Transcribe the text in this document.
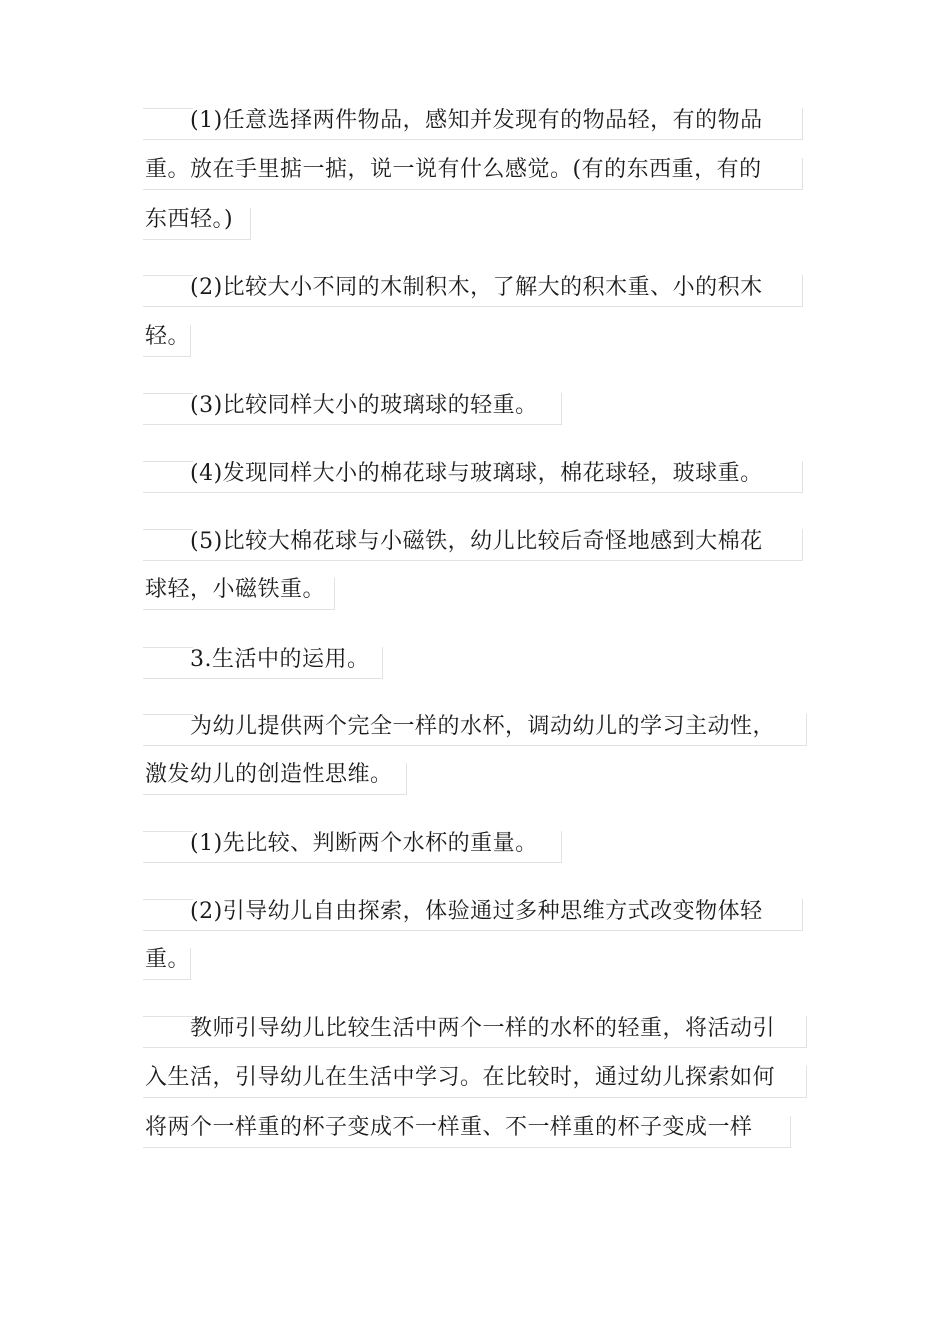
　　(1)任意选择两件物品，感知并发现有的物品轻，有的物品
重。放在手里掂一掂，说一说有什么感觉。(有的东西重，有的
东西轻。)
　　(2)比较大小不同的木制积木，了解大的积木重、小的积木
轻。
　　(3)比较同样大小的玻璃球的轻重。
　　(4)发现同样大小的棉花球与玻璃球，棉花球轻，玻球重。
　　(5)比较大棉花球与小磁铁，幼儿比较后奇怪地感到大棉花
球轻，小磁铁重。
　　3.生活中的运用。
　　为幼儿提供两个完全一样的水杯，调动幼儿的学习主动性，
激发幼儿的创造性思维。
　　(1)先比较、判断两个水杯的重量。
　　(2)引导幼儿自由探索，体验通过多种思维方式改变物体轻
重。
　　教师引导幼儿比较生活中两个一样的水杯的轻重，将活动引
入生活，引导幼儿在生活中学习。在比较时，通过幼儿探索如何
将两个一样重的杯子变成不一样重、不一样重的杯子变成一样
